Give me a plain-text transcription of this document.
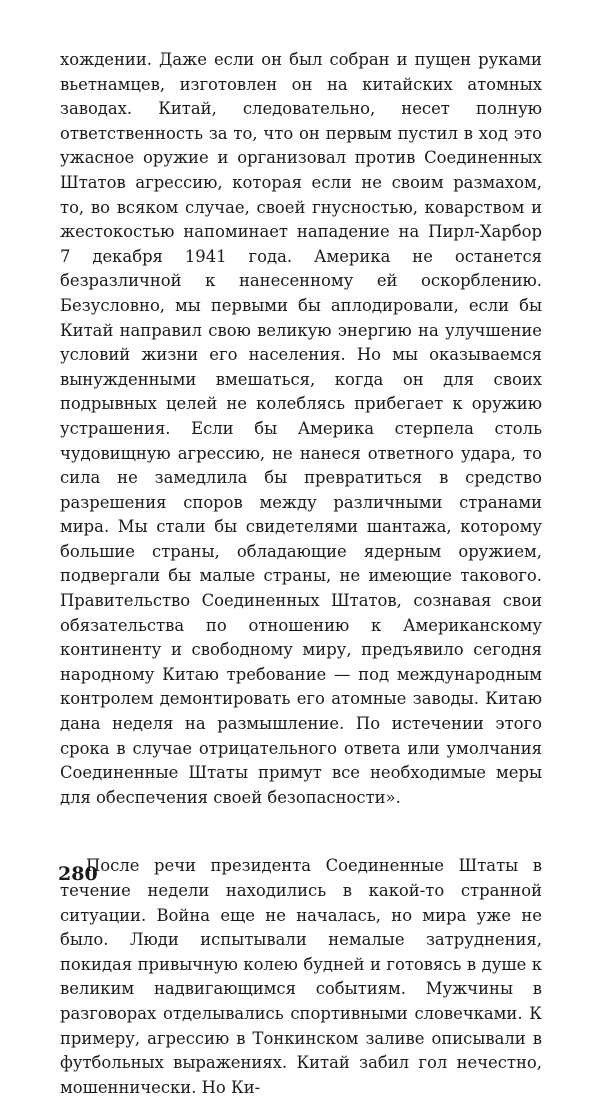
хождении. Даже если он был собран и пущен руками вьетнамцев, изготовлен он на китайских атомных заводах. Китай, следовательно, несет полную ответственность за то, что он первым пустил в ход это ужасное оружие и организовал против Соединенных Штатов агрессию, которая если не своим размахом, то, во всяком случае, своей гнусностью, коварством и жестокостью напоминает нападение на Пирл-Харбор 7 декабря 1941 года. Америка не останется безразличной к нанесенному ей оскорблению. Безусловно, мы первыми бы аплодировали, если бы Китай направил свою великую энергию на улучшение условий жизни его населения. Но мы оказываемся вынужденными вмешаться, когда он для своих подрывных целей не колеблясь прибегает к оружию устрашения. Если бы Америка стерпела столь чудовищную агрессию, не нанеся ответного удара, то сила не замедлила бы превратиться в средство разрешения споров между различными странами мира. Мы стали бы свидетелями шантажа, которому большие страны, обладающие ядерным оружием, подвергали бы малые страны, не имеющие такового. Правительство Соединенных Штатов, сознавая свои обязательства по отношению к Американскому континенту и свободному миру, предъявило сегодня народному Китаю требование — под международным контролем демонтировать его атомные заводы. Китаю дана неделя на размышление. По истечении этого срока в случае отрицательного ответа или умолчания Соединенные Штаты примут все необходимые меры для обеспечения своей безопасности».

После речи президента Соединенные Штаты в течение недели находились в какой-то странной ситуации. Война еще не началась, но мира уже не было. Люди испытывали немалые затруднения, покидая привычную колею будней и готовясь в душе к великим надвигающимся событиям. Мужчины в разговорах отделывались спортивными словечками. К примеру, агрессию в Тонкинском заливе описывали в футбольных выражениях. Китай забил гол нечестно, мошеннически. Но Ки-

280
